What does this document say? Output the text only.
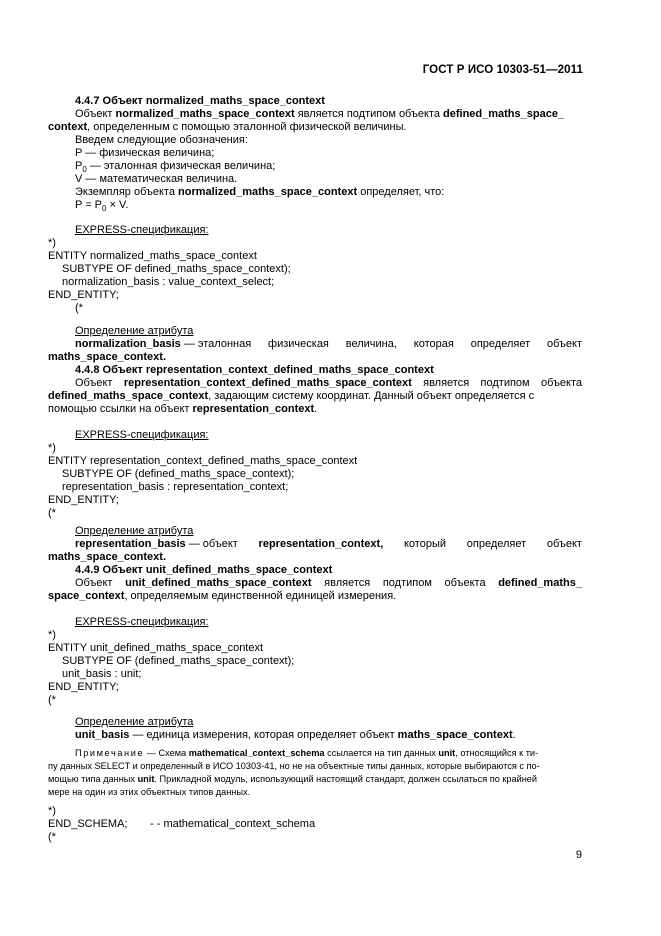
ГОСТ Р ИСО 10303-51—2011
4.4.7 Объект normalized_maths_space_context
Объект normalized_maths_space_context является подтипом объекта defined_maths_space_
context, определенным с помощью эталонной физической величины.
Введем следующие обозначения:
P — физическая величина;
$P_0$ — эталонная физическая величина;
V — математическая величина.
Экземпляр объекта normalized_maths_space_context определяет, что:
$P = P_0 \times V$.
EXPRESS-спецификация:
*)
ENTITY normalized_maths_space_context
SUBTYPE OF defined_maths_space_context);
normalization_basis : value_context_select;
END_ENTITY;
(*
Определение атрибута
normalization_basis — эталонная физическая величина, которая определяет объект
maths_space_context.
4.4.8 Объект representation_context_defined_maths_space_context
Объект representation_context_defined_maths_space_context является подтипом объекта
defined_maths_space_context, задающим систему координат. Данный объект определяется с
помощью ссылки на объект representation_context.
EXPRESS-спецификация:
*)
ENTITY representation_context_defined_maths_space_context
SUBTYPE OF (defined_maths_space_context);
representation_basis : representation_context;
END_ENTITY;
(*
Определение атрибута
representation_basis — объект representation_context, который определяет объект
maths_space_context.
4.4.9 Объект unit_defined_maths_space_context
Объект unit_defined_maths_space_context является подтипом объекта defined_maths_
space_context, определяемым единственной единицей измерения.
EXPRESS-спецификация:
*)
ENTITY unit_defined_maths_space_context
SUBTYPE OF (defined_maths_space_context);
unit_basis : unit;
END_ENTITY;
(*
Определение атрибута
unit_basis — единица измерения, которая определяет объект maths_space_context.
Примечание — Схема mathematical_context_schema ссылается на тип данных unit, относящийся к ти-
пу данных SELECT и определенный в ИСО 10303-41, но не на объектные типы данных, которые выбираются с по-
мощью типа данных unit. Прикладной модуль, использующий настоящий стандарт, должен ссылаться по крайней
мере на один из этих объектных типов данных.
*)
END_SCHEMA; - - mathematical_context_schema
(*
9
